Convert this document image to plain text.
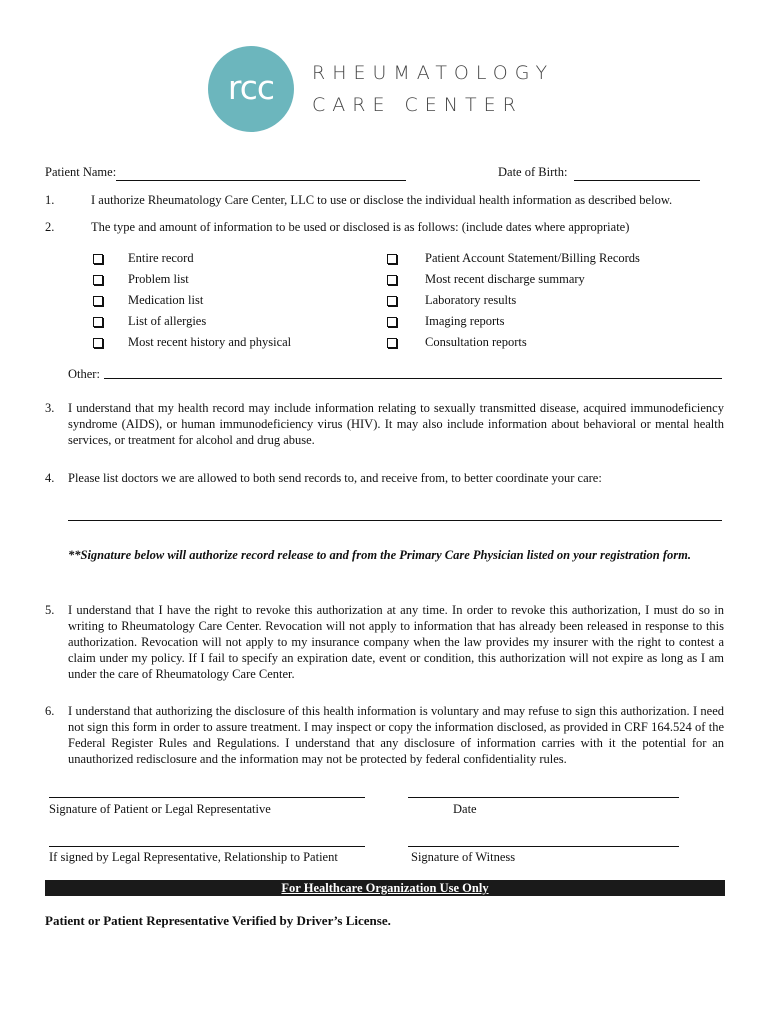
rcc RHEUMATOLOGY
CARE CENTER
Patient Name:	Date of Birth:
1.	I authorize Rheumatology Care Center, LLC to use or disclose the individual health information as described below.
2.	The type and amount of information to be used or disclosed is as follows: (include dates where appropriate)
Entire record
Problem list
Medication list
List of allergies
Most recent history and physical
Patient Account Statement/Billing Records
Most recent discharge summary
Laboratory results
Imaging reports
Consultation reports
Other:
3. I understand that my health record may include information relating to sexually transmitted disease, acquired immunodeficiency syndrome (AIDS), or human immunodeficiency virus (HIV). It may also include information about behavioral or mental health services, or treatment for alcohol and drug abuse.
4. Please list doctors we are allowed to both send records to, and receive from, to better coordinate your care:
**Signature below will authorize record release to and from the Primary Care Physician listed on your registration form.
5. I understand that I have the right to revoke this authorization at any time. In order to revoke this authorization, I must do so in writing to Rheumatology Care Center. Revocation will not apply to information that has already been released in response to this authorization. Revocation will not apply to my insurance company when the law provides my insurer with the right to contest a claim under my policy. If I fail to specify an expiration date, event or condition, this authorization will not expire as long as I am under the care of Rheumatology Care Center.
6. I understand that authorizing the disclosure of this health information is voluntary and may refuse to sign this authorization. I need not sign this form in order to assure treatment. I may inspect or copy the information disclosed, as provided in CRF 164.524 of the Federal Register Rules and Regulations. I understand that any disclosure of information carries with it the potential for an unauthorized redisclosure and the information may not be protected by federal confidentiality rules.
Signature of Patient or Legal Representative	Date
If signed by Legal Representative, Relationship to Patient	Signature of Witness
For Healthcare Organization Use Only
Patient or Patient Representative Verified by Driver’s License.
